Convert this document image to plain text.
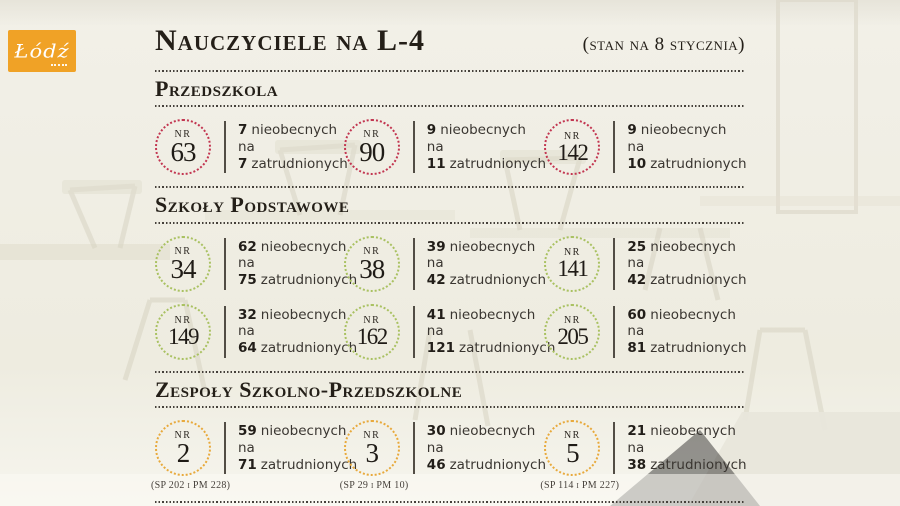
Łódź	Nauczyciele na L-4	(stan na 8 stycznia)
Przedszkola
NR
63
7 nieobecnych
na
7 zatrudnionych
NR
90
9 nieobecnych
na
11 zatrudnionych
NR
142
9 nieobecnych
na
10 zatrudnionych
Szkoły Podstawowe
NR
34
62 nieobecnych
na
75 zatrudnionych
NR
38
39 nieobecnych
na
42 zatrudnionych
NR
141
25 nieobecnych
na
42 zatrudnionych
NR
149
32 nieobecnych
na
64 zatrudnionych
NR
162
41 nieobecnych
na
121 zatrudnionych
NR
205
60 nieobecnych
na
81 zatrudnionych
Zespoły Szkolno-Przedszkolne
NR
2
(SP 202 i PM 228)
59 nieobecnych
na
71 zatrudnionych
NR
3
(SP 29 i PM 10)
30 nieobecnych
na
46 zatrudnionych
NR
5
(SP 114 i PM 227)
21 nieobecnych
na
38 zatrudnionych
